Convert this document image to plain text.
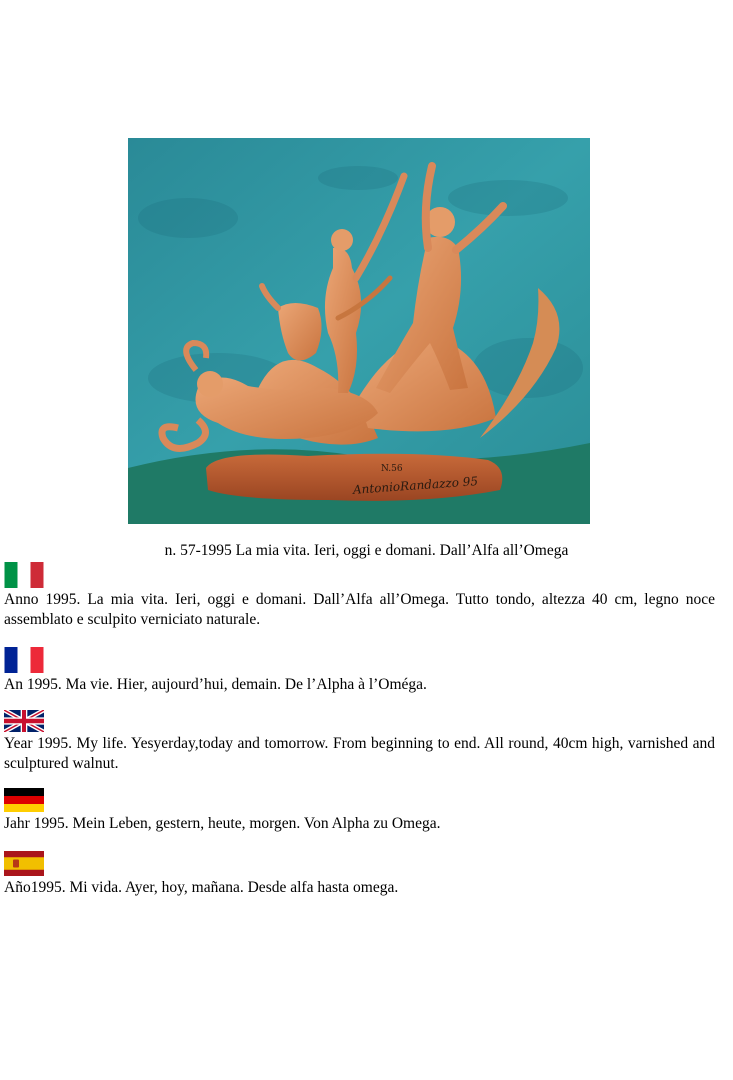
N.56
AntonioRandazzo 95
n. 57-1995 La mia vita. Ieri, oggi e domani. Dall’Alfa all’Omega

Anno 1995. La mia vita. Ieri, oggi e domani. Dall’Alfa all’Omega. Tutto tondo, altezza 40 cm, legno noce assemblato e sculpito verniciato naturale.

An 1995. Ma vie. Hier, aujourd’hui, demain. De l’Alpha à l’Oméga.

Year 1995. My life. Yesyerday,today and tomorrow. From beginning to end. All round, 40cm high, varnished and sculptured walnut.

Jahr 1995. Mein Leben, gestern, heute, morgen. Von Alpha zu Omega.

Año1995. Mi vida. Ayer, hoy, mañana. Desde alfa hasta omega.
